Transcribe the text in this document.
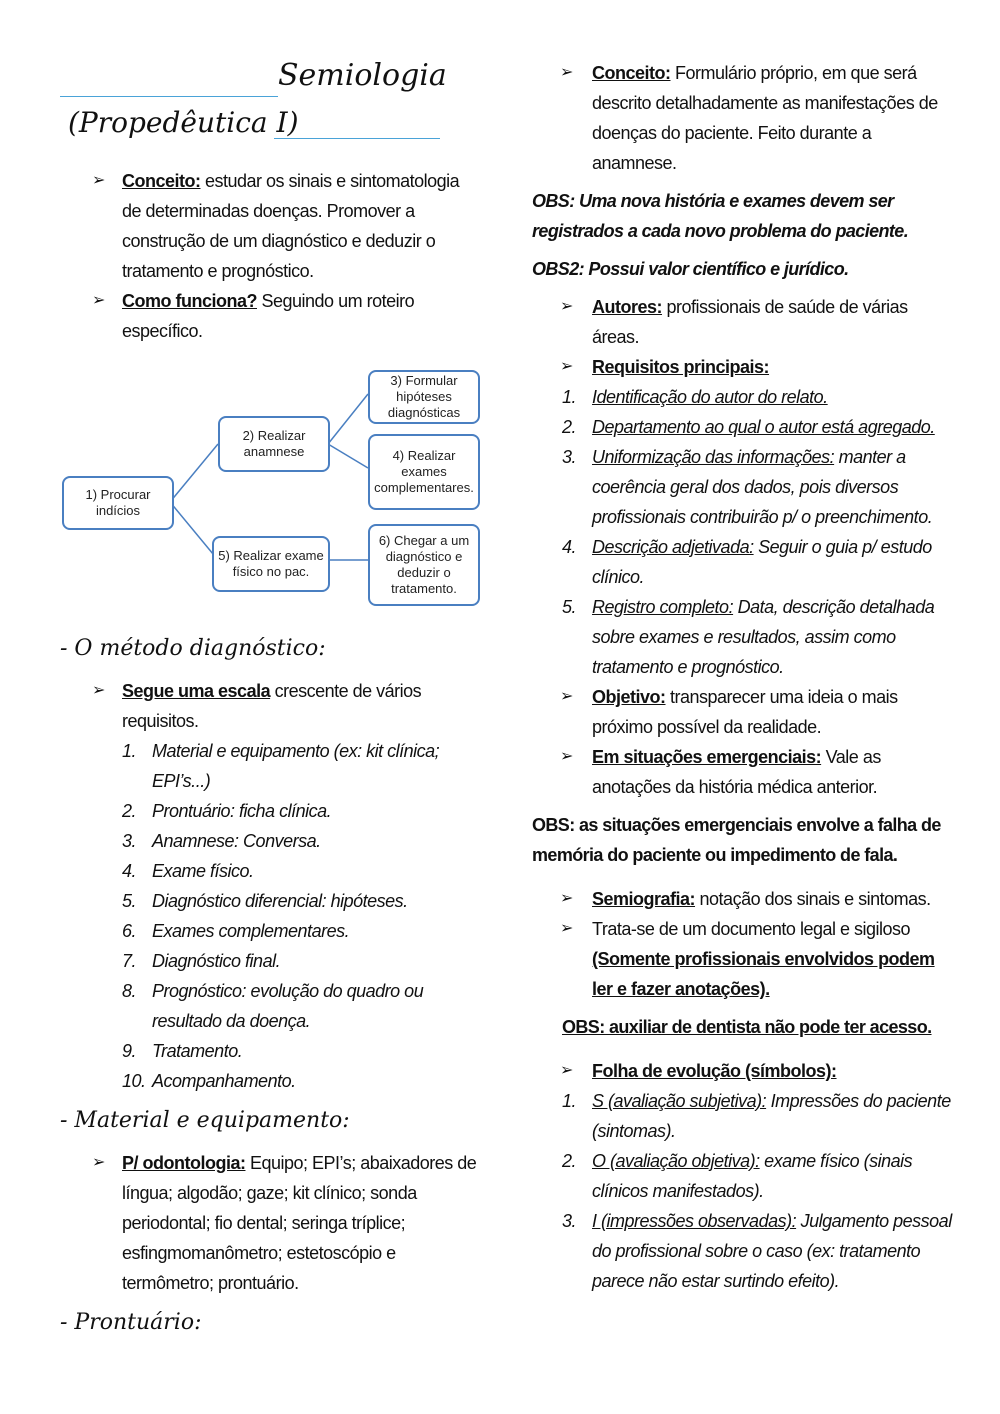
Semiologia
(Propedêutica I)
➢ Conceito: estudar os sinais e sintomatologia de determinadas doenças. Promover a construção de um diagnóstico e deduzir o tratamento e prognóstico.
➢ Como funciona? Seguindo um roteiro específico.
1) Procurar indícios
2) Realizar anamnese
3) Formular hipóteses diagnósticas
4) Realizar exames complementares.
5) Realizar exame físico no pac.
6) Chegar a um diagnóstico e deduzir o tratamento.
- O método diagnóstico:
➢ Segue uma escala crescente de vários requisitos.
1. Material e equipamento (ex: kit clínica; EPI’s...)
2. Prontuário: ficha clínica.
3. Anamnese: Conversa.
4. Exame físico.
5. Diagnóstico diferencial: hipóteses.
6. Exames complementares.
7. Diagnóstico final.
8. Prognóstico: evolução do quadro ou resultado da doença.
9. Tratamento.
10. Acompanhamento.
- Material e equipamento:
➢ P/ odontologia: Equipo; EPI’s; abaixadores de língua; algodão; gaze; kit clínico; sonda periodontal; fio dental; seringa tríplice; esfingmomanômetro; estetoscópio e termômetro; prontuário.
- Prontuário:
➢ Conceito: Formulário próprio, em que será descrito detalhadamente as manifestações de doenças do paciente. Feito durante a anamnese.
OBS: Uma nova história e exames devem ser registrados a cada novo problema do paciente.
OBS2: Possui valor científico e jurídico.
➢ Autores: profissionais de saúde de várias áreas.
➢ Requisitos principais:
1. Identificação do autor do relato.
2. Departamento ao qual o autor está agregado.
3. Uniformização das informações: manter a coerência geral dos dados, pois diversos profissionais contribuirão p/ o preenchimento.
4. Descrição adjetivada: Seguir o guia p/ estudo clínico.
5. Registro completo: Data, descrição detalhada sobre exames e resultados, assim como tratamento e prognóstico.
➢ Objetivo: transparecer uma ideia o mais próximo possível da realidade.
➢ Em situações emergenciais: Vale as anotações da história médica anterior.
OBS: as situações emergenciais envolve a falha de memória do paciente ou impedimento de fala.
➢ Semiografia: notação dos sinais e sintomas.
➢ Trata-se de um documento legal e sigiloso (Somente profissionais envolvidos podem ler e fazer anotações).
OBS: auxiliar de dentista não pode ter acesso.
➢ Folha de evolução (símbolos):
1. S (avaliação subjetiva): Impressões do paciente (sintomas).
2. O (avaliação objetiva): exame físico (sinais clínicos manifestados).
3. I (impressões observadas): Julgamento pessoal do profissional sobre o caso (ex: tratamento parece não estar surtindo efeito).
